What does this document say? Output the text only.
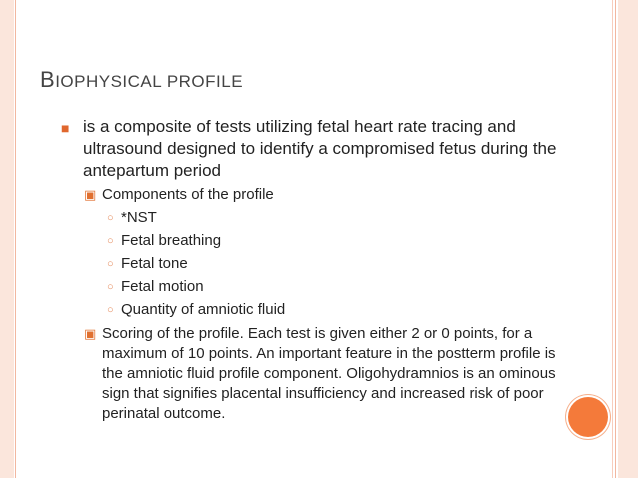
BIOPHYSICAL PROFILE
■ is a composite of tests utilizing fetal heart rate tracing and ultrasound designed to identify a compromised fetus during the antepartum period
▣ Components of the profile
○ *NST
○ Fetal breathing
○ Fetal tone
○ Fetal motion
○ Quantity of amniotic fluid
▣ Scoring of the profile. Each test is given either 2 or 0 points, for a maximum of 10 points. An important feature in the postterm profile is the amniotic fluid profile component. Oligohydramnios is an ominous sign that signifies placental insufficiency and increased risk of poor perinatal outcome.
